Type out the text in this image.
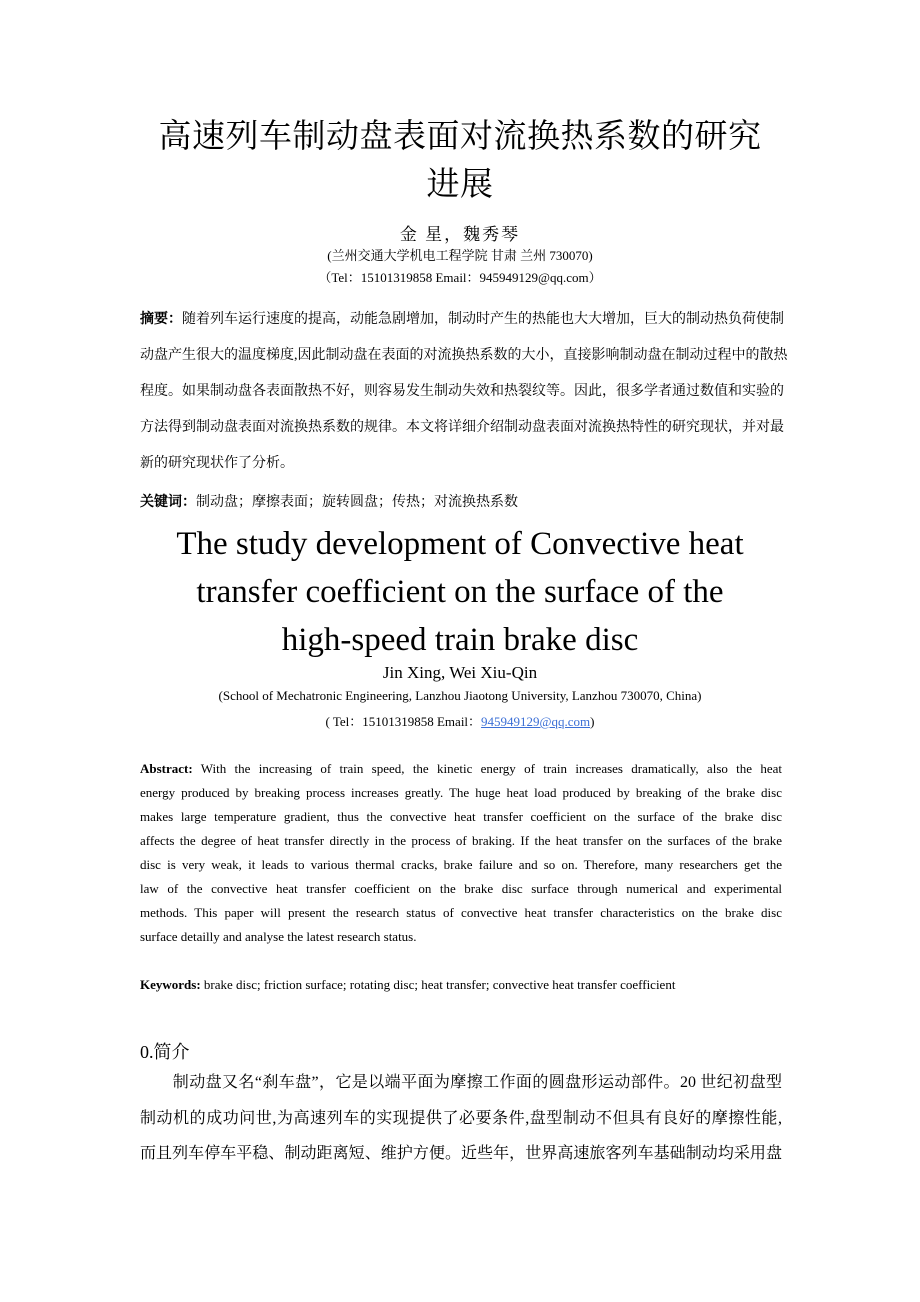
高速列车制动盘表面对流换热系数的研究
进展
金 星，魏秀琴
(兰州交通大学机电工程学院 甘肃 兰州 730070)
（Tel：15101319858 Email：945949129@qq.com）
摘要：随着列车运行速度的提高，动能急剧增加，制动时产生的热能也大大增加，巨大的制动热负荷使制
动盘产生很大的温度梯度,因此制动盘在表面的对流换热系数的大小，直接影响制动盘在制动过程中的散热
程度。如果制动盘各表面散热不好，则容易发生制动失效和热裂纹等。因此，很多学者通过数值和实验的
方法得到制动盘表面对流换热系数的规律。本文将详细介绍制动盘表面对流换热特性的研究现状，并对最
新的研究现状作了分析。
关键词：制动盘；摩擦表面；旋转圆盘；传热；对流换热系数
The study development of Convective heat
transfer coefficient on the surface of the
high-speed train brake disc
Jin Xing, Wei Xiu-Qin
(School of Mechatronic Engineering, Lanzhou Jiaotong University, Lanzhou 730070, China)
( Tel：15101319858 Email：945949129@qq.com)
Abstract: With the increasing of train speed, the kinetic energy of train increases dramatically, also the heat
energy produced by breaking process increases greatly. The huge heat load produced by breaking of the brake disc
makes large temperature gradient, thus the convective heat transfer coefficient on the surface of the brake disc
affects the degree of heat transfer directly in the process of braking. If the heat transfer on the surfaces of the brake
disc is very weak, it leads to various thermal cracks, brake failure and so on. Therefore, many researchers get the
law of the convective heat transfer coefficient on the brake disc surface through numerical and experimental
methods. This paper will present the research status of convective heat transfer characteristics on the brake disc
surface detailly and analyse the latest research status.
Keywords: brake disc; friction surface; rotating disc; heat transfer; convective heat transfer coefficient
0.简介
　　制动盘又名“刹车盘”，它是以端平面为摩擦工作面的圆盘形运动部件。20 世纪初盘型
制动机的成功问世,为高速列车的实现提供了必要条件,盘型制动不但具有良好的摩擦性能,
而且列车停车平稳、制动距离短、维护方便。近些年，世界高速旅客列车基础制动均采用盘
